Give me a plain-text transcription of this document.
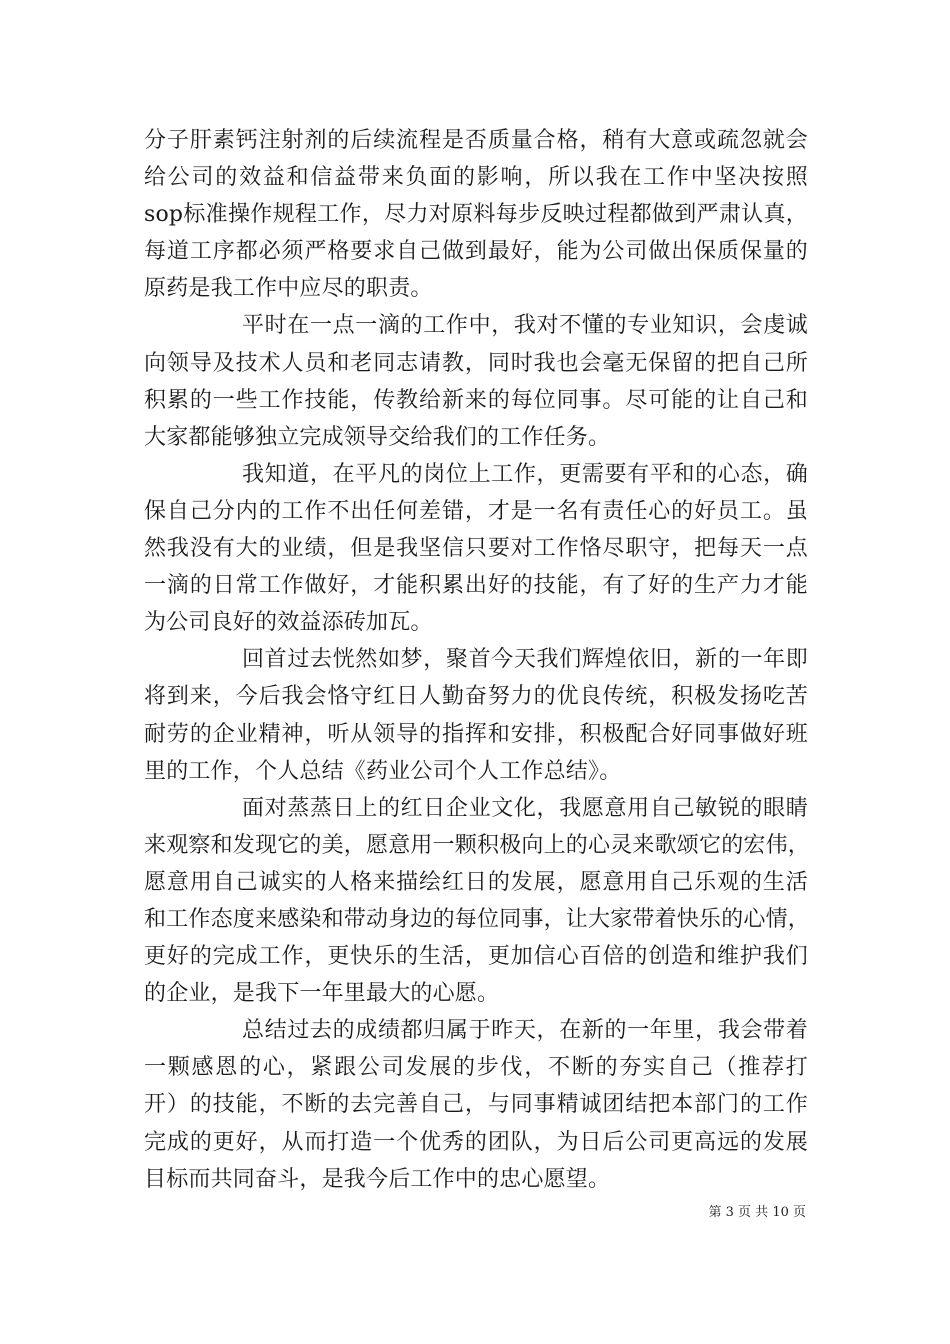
分子肝素钙注射剂的后续流程是否质量合格，稍有大意或疏忽就会
给公司的效益和信益带来负面的影响，所以我在工作中坚决按照
sop标准操作规程工作，尽力对原料每步反映过程都做到严肃认真，
每道工序都必须严格要求自己做到最好，能为公司做出保质保量的
原药是我工作中应尽的职责。
平时在一点一滴的工作中，我对不懂的专业知识，会虔诚
向领导及技术人员和老同志请教，同时我也会毫无保留的把自己所
积累的一些工作技能，传教给新来的每位同事。尽可能的让自己和
大家都能够独立完成领导交给我们的工作任务。
我知道，在平凡的岗位上工作，更需要有平和的心态，确
保自己分内的工作不出任何差错，才是一名有责任心的好员工。虽
然我没有大的业绩，但是我坚信只要对工作恪尽职守，把每天一点
一滴的日常工作做好，才能积累出好的技能，有了好的生产力才能
为公司良好的效益添砖加瓦。
回首过去恍然如梦，聚首今天我们辉煌依旧，新的一年即
将到来，今后我会恪守红日人勤奋努力的优良传统，积极发扬吃苦
耐劳的企业精神，听从领导的指挥和安排，积极配合好同事做好班
里的工作，个人总结《药业公司个人工作总结》。
面对蒸蒸日上的红日企业文化，我愿意用自己敏锐的眼睛
来观察和发现它的美，愿意用一颗积极向上的心灵来歌颂它的宏伟，
愿意用自己诚实的人格来描绘红日的发展，愿意用自己乐观的生活
和工作态度来感染和带动身边的每位同事，让大家带着快乐的心情，
更好的完成工作，更快乐的生活，更加信心百倍的创造和维护我们
的企业，是我下一年里最大的心愿。
总结过去的成绩都归属于昨天，在新的一年里，我会带着
一颗感恩的心，紧跟公司发展的步伐，不断的夯实自己（推荐打
开）的技能，不断的去完善自己，与同事精诚团结把本部门的工作
完成的更好，从而打造一个优秀的团队，为日后公司更高远的发展
目标而共同奋斗，是我今后工作中的忠心愿望。
第 3 页 共 10 页
